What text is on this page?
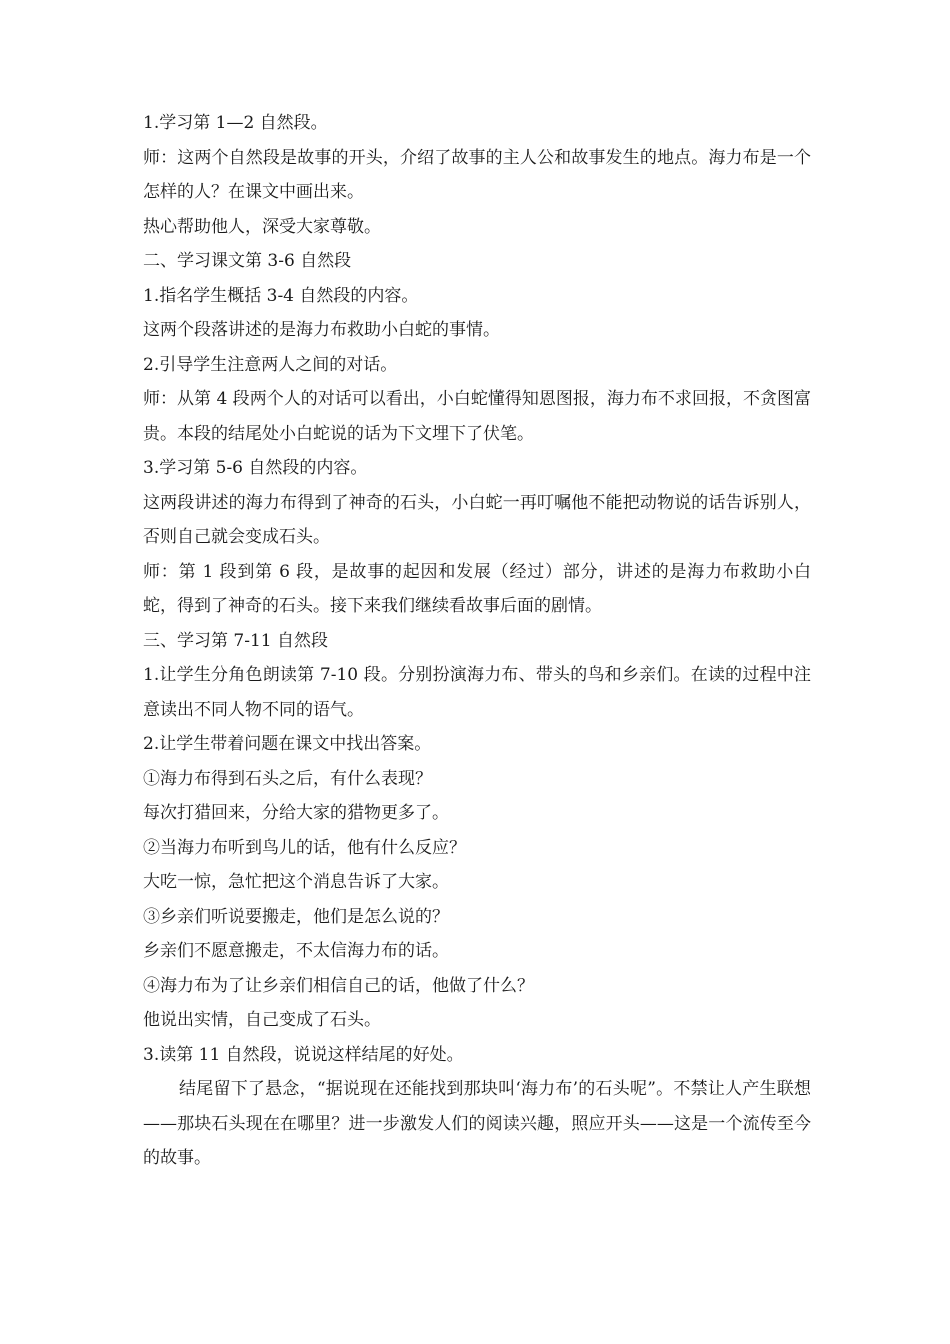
1.学习第 1—2 自然段。

师：这两个自然段是故事的开头，介绍了故事的主人公和故事发生的地点。海力布是一个怎样的人？在课文中画出来。

热心帮助他人，深受大家尊敬。

二、学习课文第 3-6 自然段

1.指名学生概括 3-4 自然段的内容。

这两个段落讲述的是海力布救助小白蛇的事情。

2.引导学生注意两人之间的对话。

师：从第 4 段两个人的对话可以看出，小白蛇懂得知恩图报，海力布不求回报，不贪图富贵。本段的结尾处小白蛇说的话为下文埋下了伏笔。

3.学习第 5-6 自然段的内容。

这两段讲述的海力布得到了神奇的石头，小白蛇一再叮嘱他不能把动物说的话告诉别人，否则自己就会变成石头。

师：第 1 段到第 6 段，是故事的起因和发展（经过）部分，讲述的是海力布救助小白蛇，得到了神奇的石头。接下来我们继续看故事后面的剧情。

三、学习第 7-11 自然段

1.让学生分角色朗读第 7-10 段。分别扮演海力布、带头的鸟和乡亲们。在读的过程中注意读出不同人物不同的语气。

2.让学生带着问题在课文中找出答案。

①海力布得到石头之后，有什么表现？

每次打猎回来，分给大家的猎物更多了。

②当海力布听到鸟儿的话，他有什么反应？

大吃一惊，急忙把这个消息告诉了大家。

③乡亲们听说要搬走，他们是怎么说的？

乡亲们不愿意搬走，不太信海力布的话。

④海力布为了让乡亲们相信自己的话，他做了什么？

他说出实情，自己变成了石头。

3.读第 11 自然段，说说这样结尾的好处。

结尾留下了悬念，“据说现在还能找到那块叫‘海力布’的石头呢”。不禁让人产生联想——那块石头现在在哪里？进一步激发人们的阅读兴趣，照应开头——这是一个流传至今的故事。
